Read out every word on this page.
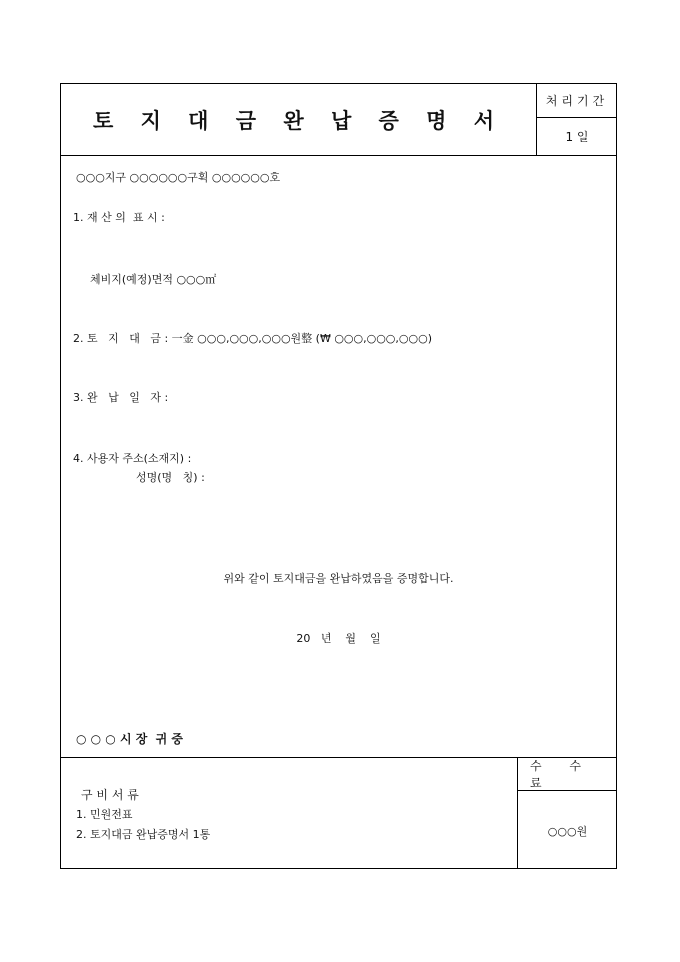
토 지 대 금 완 납 증 명 서
처리기간
1 일
○○○지구 ○○○○○○구획 ○○○○○○호
1. 재 산 의  표 시 :
체비지(예정)면적 ○○○㎡
2. 토   지   대   금 : 一金 ○○○,○○○,○○○원整 (₩ ○○○,○○○,○○○)
3. 완   납   일   자 :
4. 사용자 주소(소재지) :
성명(명   칭) :
위와 같이 토지대금을 완납하였음을 증명합니다.
20   년    월    일
○ ○ ○ 시 장  귀 중
구 비 서 류
1. 민원전표
2. 토지대금 완납증명서 1통
수 수 료
○○○원
